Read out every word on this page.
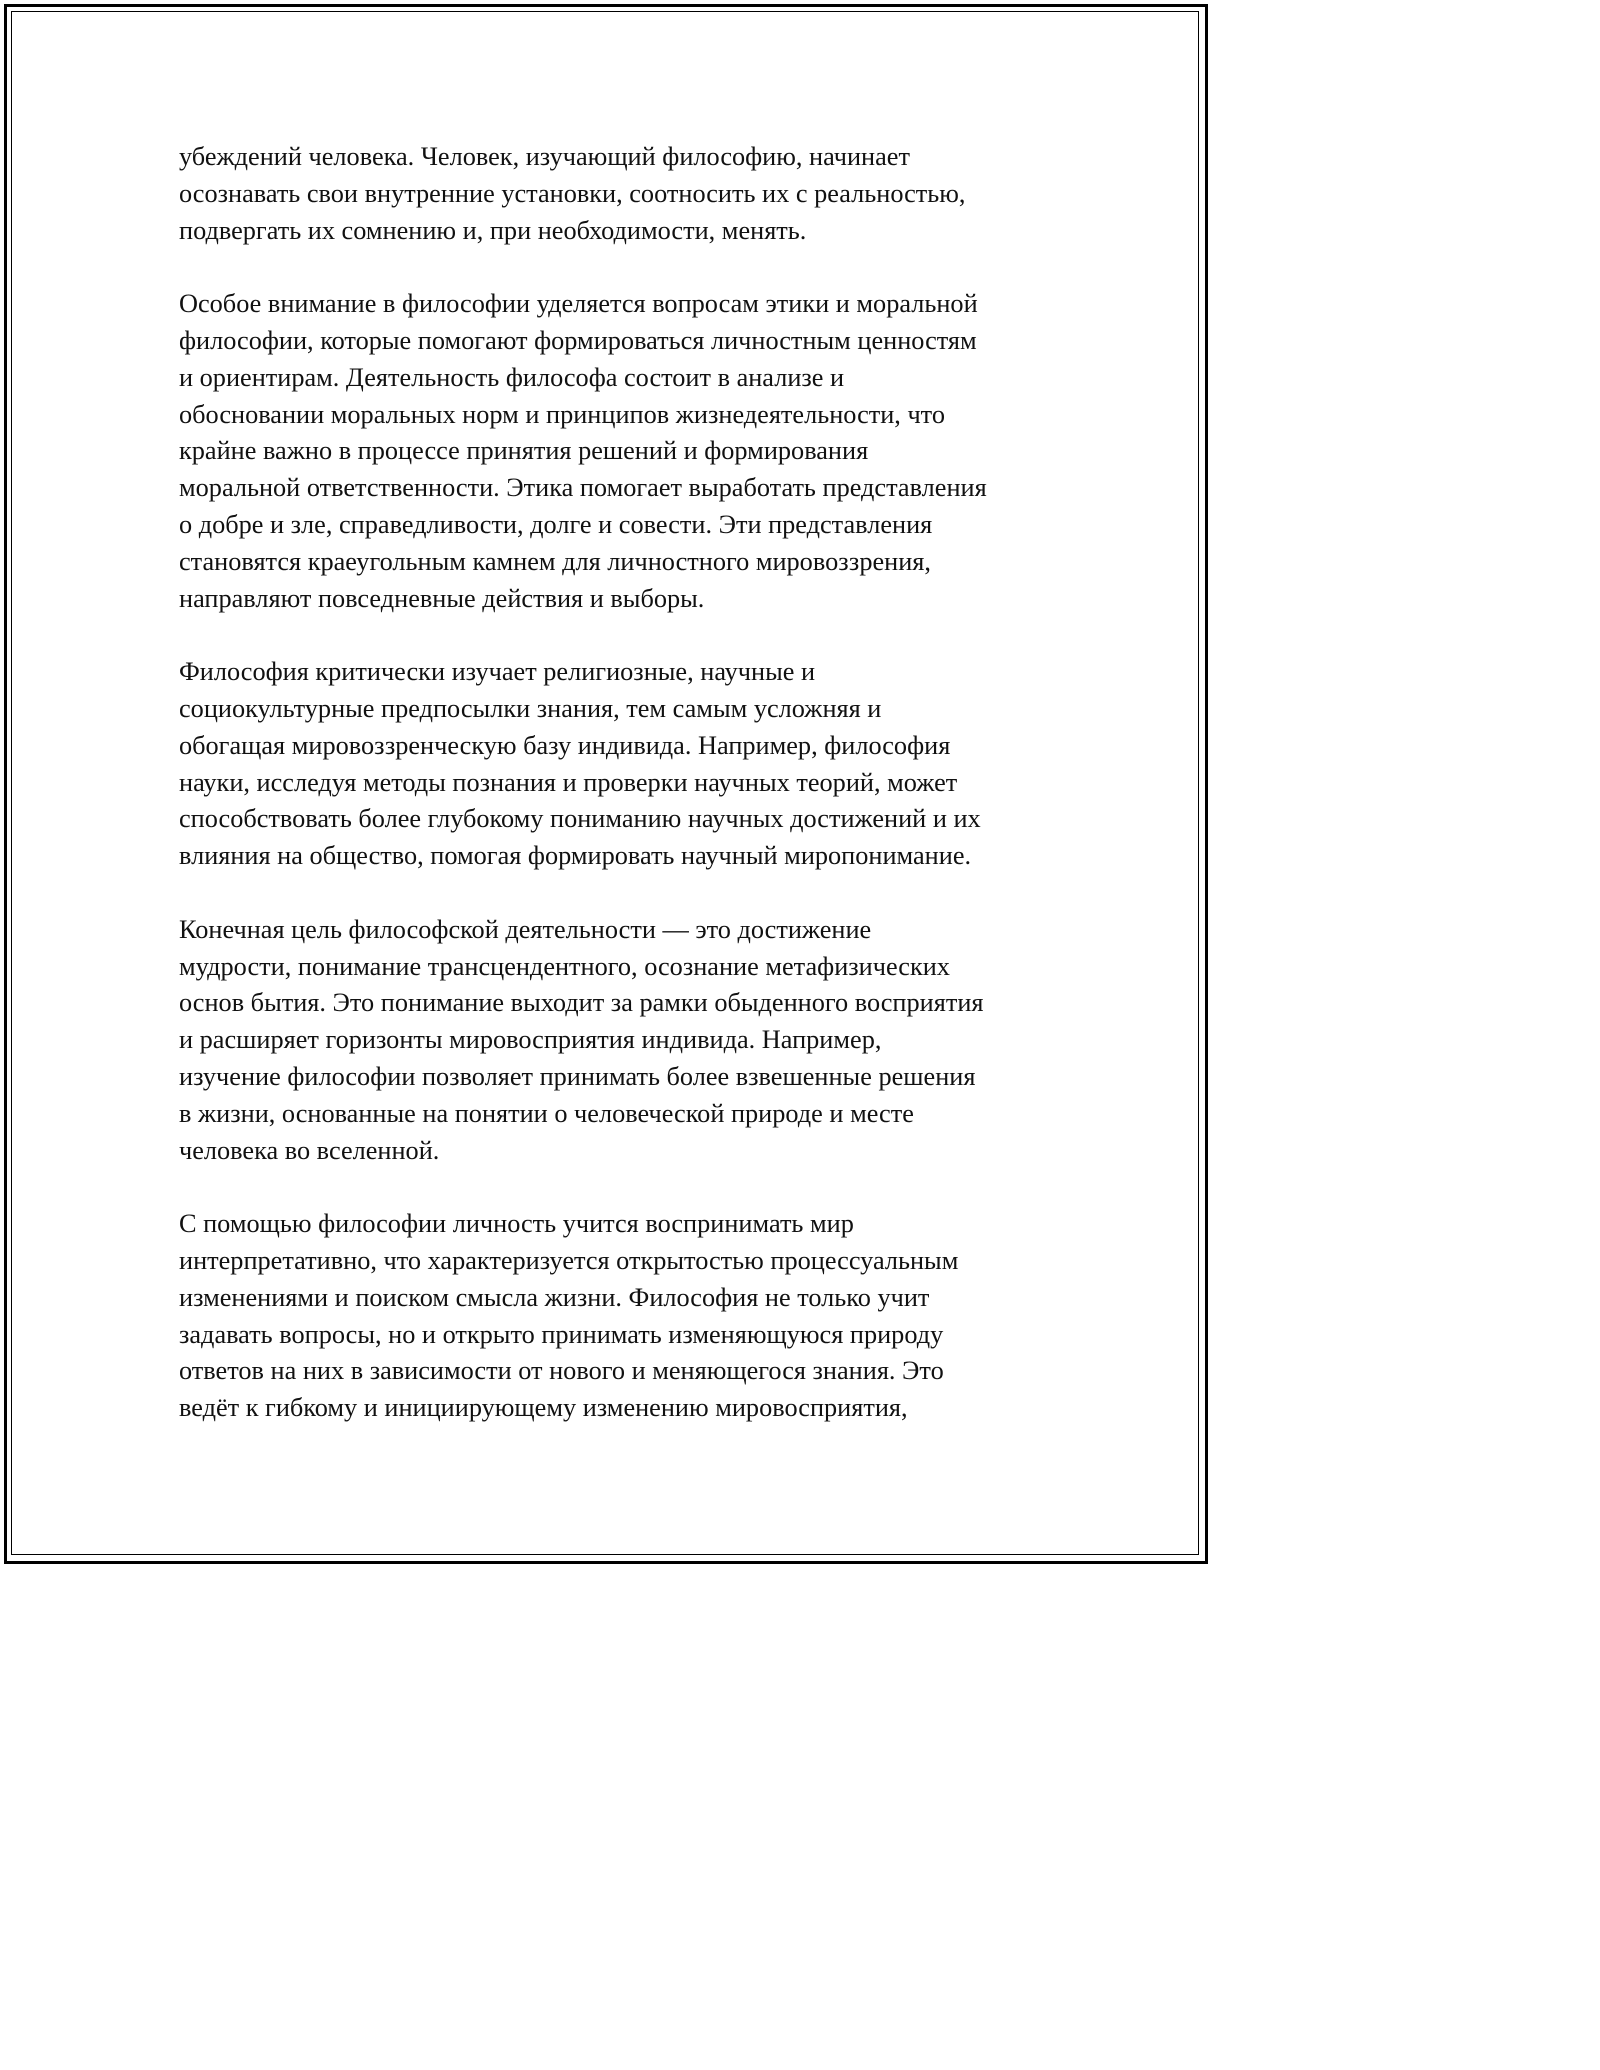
убеждений человека. Человек, изучающий философию, начинает
осознавать свои внутренние установки, соотносить их с реальностью,
подвергать их сомнению и, при необходимости, менять.

Особое внимание в философии уделяется вопросам этики и моральной
философии, которые помогают формироваться личностным ценностям
и ориентирам. Деятельность философа состоит в анализе и
обосновании моральных норм и принципов жизнедеятельности, что
крайне важно в процессе принятия решений и формирования
моральной ответственности. Этика помогает выработать представления
о добре и зле, справедливости, долге и совести. Эти представления
становятся краеугольным камнем для личностного мировоззрения,
направляют повседневные действия и выборы.

Философия критически изучает религиозные, научные и
социокультурные предпосылки знания, тем самым усложняя и
обогащая мировоззренческую базу индивида. Например, философия
науки, исследуя методы познания и проверки научных теорий, может
способствовать более глубокому пониманию научных достижений и их
влияния на общество, помогая формировать научный миропонимание.

Конечная цель философской деятельности — это достижение
мудрости, понимание трансцендентного, осознание метафизических
основ бытия. Это понимание выходит за рамки обыденного восприятия
и расширяет горизонты мировосприятия индивида. Например,
изучение философии позволяет принимать более взвешенные решения
в жизни, основанные на понятии о человеческой природе и месте
человека во вселенной.

С помощью философии личность учится воспринимать мир
интерпретативно, что характеризуется открытостью процессуальным
изменениями и поиском смысла жизни. Философия не только учит
задавать вопросы, но и открыто принимать изменяющуюся природу
ответов на них в зависимости от нового и меняющегося знания. Это
ведёт к гибкому и инициирующему изменению мировосприятия,
